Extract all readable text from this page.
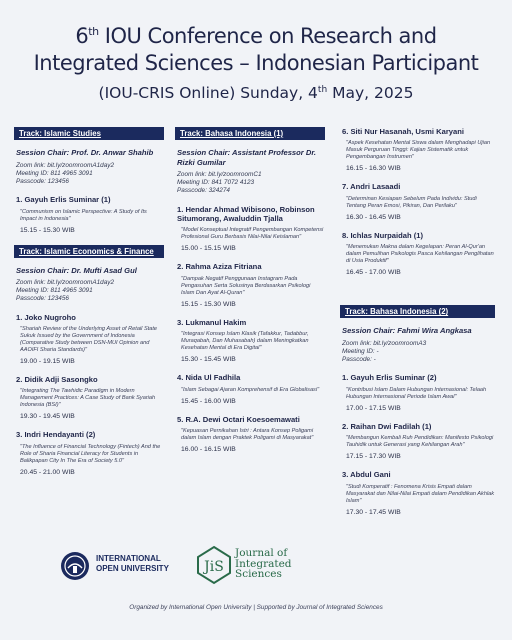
6th IOU Conference on Research and
Integrated Sciences – Indonesian Participant
(IOU-CRIS Online) Sunday, 4th May, 2025
Track: Islamic Studies
Session Chair: Prof. Dr. Anwar Shahib
Zoom link: bit.ly/zoomroomA1day2
Meeting ID: 811 4965 3091
Passcode: 123456
1. Gayuh Erlis Suminar (1)
"Communism on Islamic Perspective: A Study of Its Impact in Indonesia"
15.15 - 15.30 WIB
Track: Islamic Economics & Finance
Session Chair: Dr. Mufti Asad Gul
Zoom link: bit.ly/zoomroomA1day2
Meeting ID: 811 4965 3091
Passcode: 123456
1. Joko Nugroho
"Shariah Review of the Underlying Asset of Retail State Sukuk Issued by the Government of Indonesia (Comparative Study between DSN-MUI Opinion and AAOIFI Sharia Standards)"
19.00 - 19.15 WIB
2. Didik Adji Sasongko
"Integrating The Tawhidic Paradigm in Modern Management Practices: A Case Study of Bank Syariah Indonesia (BSI)"
19.30 - 19.45 WIB
3. Indri Hendayanti (2)
"The Influence of Financial Technology (Fintech) And the Role of Sharia Financial Literacy for Students in Balikpapan City In The Era of Society 5.0"
20.45 - 21.00 WIB
Track: Bahasa Indonesia (1)
Session Chair: Assistant Professor Dr. Rizki Gumilar
Zoom link: bit.ly/zoomroomC1
Meeting ID: 841 7072 4123
Passcode: 324274
1. Hendar Ahmad Wibisono, Robinson Situmorang, Awaluddin Tjalla
"Model Konseptual Integratif Pengembangan Kompetensi Profesional Guru Berbasis Nilai-Nilai Keislaman"
15.00 - 15.15 WIB
2. Rahma Aziza Fitriana
"Dampak Negatif Penggunaan Instagram Pada Pengasuhan Serta Solusinya Berdasarkan Psikologi Islam Dan Ayat Al-Quran"
15.15 - 15.30 WIB
3. Lukmanul Hakim
"Integrasi Konsep Islam Klasik (Tafakkur, Tadabbur, Muraqabah, Dan Muhasabah) dalam Meningkatkan Kesehatan Mental di Era Digital"
15.30 - 15.45 WIB
4. Nida Ul Fadhila
"Islam Sebagai Ajaran Komprehensif di Era Globalisasi"
15.45 - 16.00 WIB
5. R.A. Dewi Octari Koesoemawati
"Kepuasan Pernikahan Istri : Antara Konsep Poligami dalam Islam dengan Praktek Poligami di Masyarakat"
16.00 - 16.15 WIB
6. Siti Nur Hasanah, Usmi Karyani
"Aspek Kesehatan Mental Siswa dalam Menghadapi Ujian Masuk Perguruan Tinggi: Kajian Sistematik untuk Pengembangan Instrumen"
16.15 - 16.30 WIB
7. Andri Lasaadi
"Determinan Kesiapan Sebelum Pada Individu: Studi Tentang Peran Emosi, Pikiran, Dan Perilaku"
16.30 - 16.45 WIB
8. Ichlas Nurpaidah (1)
"Menemukan Makna dalam Kegelapan: Peran Al-Qur'an dalam Pemulihan Psikologis Pasca Kehilangan Penglihatan di Usia Produktif"
16.45 - 17.00 WIB
Track: Bahasa Indonesia (2)
Session Chair: Fahmi Wira Angkasa
Zoom link: bit.ly/zoomroomA3
Meeting ID: -
Passcode: -
1. Gayuh Erlis Suminar (2)
"Kontribusi Islam Dalam Hubungan Internasional: Telaah Hubungan Internasional Periode Islam Awal"
17.00 - 17.15 WIB
2. Raihan Dwi Fadilah (1)
"Membangun Kembali Ruh Pendidikan: Manifesto Psikologi Tauhidik untuk Generasi yang Kehilangan Arah"
17.15 - 17.30 WIB
3. Abdul Gani
"Studi Komperatif : Fenomena Krisis Empati dalam Masyarakat dan Nilai-Nilai Empati dalam Pendidikan Akhlak Islam"
17.30 - 17.45 WIB
INTERNATIONAL
OPEN UNIVERSITY	JiS
Journal of
Integrated
Sciences
Organized by International Open University | Supported by Journal of Integrated Sciences
